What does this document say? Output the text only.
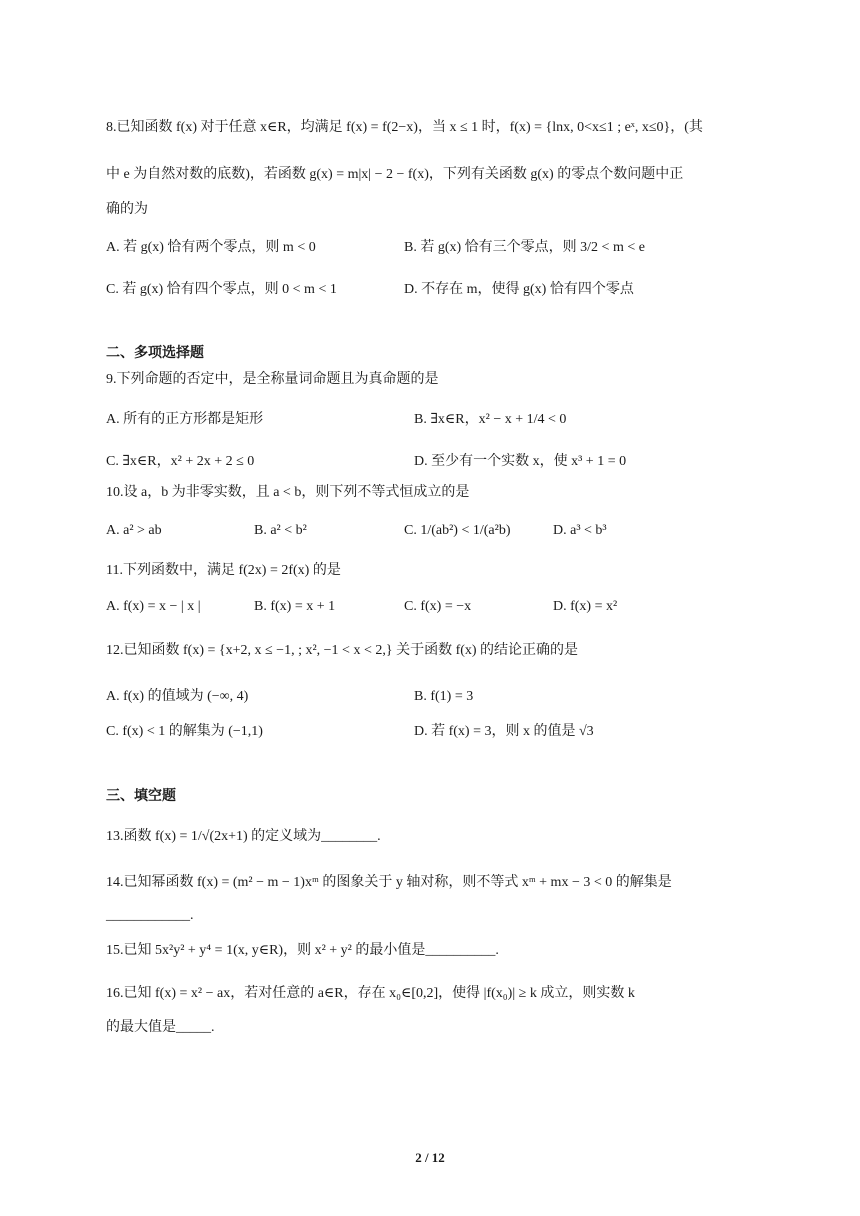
8.已知函数 f(x) 对于任意 x∈R，均满足 f(x) = f(2−x)，当 x ≤ 1 时，f(x) = {lnx, 0<x≤1 ; eˣ, x≤0}，(其
中 e 为自然对数的底数)，若函数 g(x) = m|x| − 2 − f(x)，下列有关函数 g(x) 的零点个数问题中正
确的为
A. 若 g(x) 恰有两个零点，则 m < 0	B. 若 g(x) 恰有三个零点，则 3/2 < m < e
C. 若 g(x) 恰有四个零点，则 0 < m < 1	D. 不存在 m，使得 g(x) 恰有四个零点
二、多项选择题
9.下列命题的否定中，是全称量词命题且为真命题的是
A. 所有的正方形都是矩形	B. ∃x∈R，x² − x + 1/4 < 0
C. ∃x∈R，x² + 2x + 2 ≤ 0	D. 至少有一个实数 x，使 x³ + 1 = 0
10.设 a，b 为非零实数，且 a < b，则下列不等式恒成立的是
A. a² > ab	B. a² < b²	C. 1/(ab²) < 1/(a²b)	D. a³ < b³
11.下列函数中，满足 f(2x) = 2f(x) 的是
A. f(x) = x − | x |	B. f(x) = x + 1	C. f(x) = −x	D. f(x) = x²
12.已知函数 f(x) = {x+2, x ≤ −1, ; x², −1 < x < 2,} 关于函数 f(x) 的结论正确的是
A. f(x) 的值域为 (−∞, 4)	B. f(1) = 3
C. f(x) < 1 的解集为 (−1,1)	D. 若 f(x) = 3，则 x 的值是 √3
三、填空题
13.函数 f(x) = 1/√(2x+1) 的定义域为________.
14.已知幂函数 f(x) = (m² − m − 1)xᵐ 的图象关于 y 轴对称，则不等式 xᵐ + mx − 3 < 0 的解集是
____________.
15.已知 5x²y² + y⁴ = 1(x, y∈R)，则 x² + y² 的最小值是__________.
16.已知 f(x) = x² − ax，若对任意的 a∈R，存在 x₀∈[0,2]，使得 |f(x₀)| ≥ k 成立，则实数 k
的最大值是_____.
2 / 12
